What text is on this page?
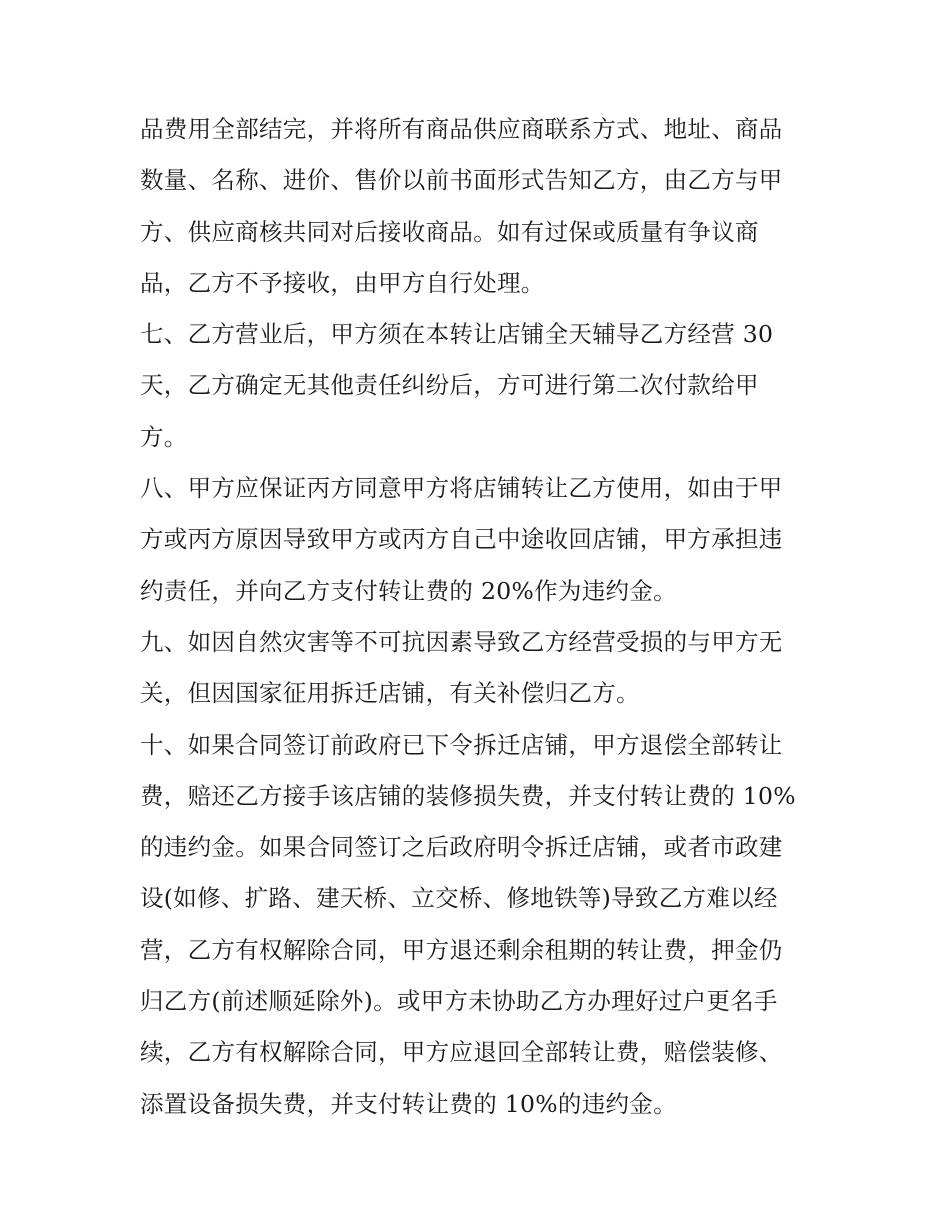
品费用全部结完，并将所有商品供应商联系方式、地址、商品
数量、名称、进价、售价以前书面形式告知乙方，由乙方与甲
方、供应商核共同对后接收商品。如有过保或质量有争议商
品，乙方不予接收，由甲方自行处理。

七、乙方营业后，甲方须在本转让店铺全天辅导乙方经营 30
天，乙方确定无其他责任纠纷后，方可进行第二次付款给甲
方。

八、甲方应保证丙方同意甲方将店铺转让乙方使用，如由于甲
方或丙方原因导致甲方或丙方自己中途收回店铺，甲方承担违
约责任，并向乙方支付转让费的 20%作为违约金。

九、如因自然灾害等不可抗因素导致乙方经营受损的与甲方无
关，但因国家征用拆迁店铺，有关补偿归乙方。

十、如果合同签订前政府已下令拆迁店铺，甲方退偿全部转让
费，赔还乙方接手该店铺的装修损失费，并支付转让费的 10%
的违约金。如果合同签订之后政府明令拆迁店铺，或者市政建
设(如修、扩路、建天桥、立交桥、修地铁等)导致乙方难以经
营，乙方有权解除合同，甲方退还剩余租期的转让费，押金仍
归乙方(前述顺延除外)。或甲方未协助乙方办理好过户更名手
续，乙方有权解除合同，甲方应退回全部转让费，赔偿装修、
添置设备损失费，并支付转让费的 10%的违约金。
